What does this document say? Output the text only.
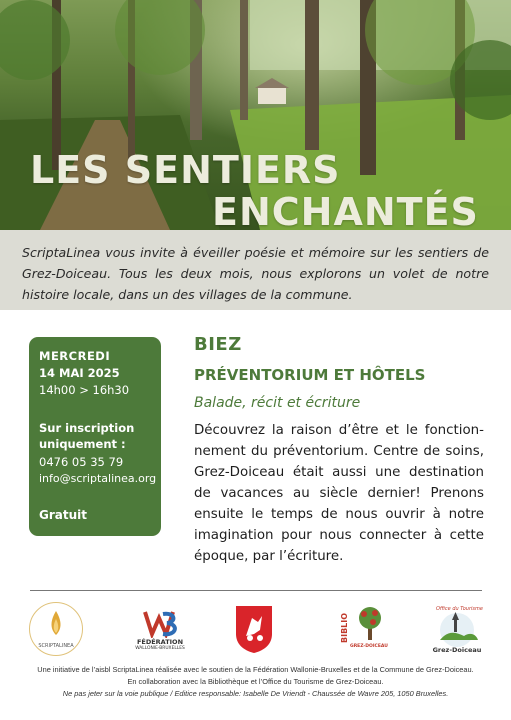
LES SENTIERS
ENCHANTÉS

ScriptaLinea vous invite à éveiller poésie et mémoire sur les sentiers de Grez-Doiceau. Tous les deux mois, nous explorons un volet de notre histoire locale, dans un des villages de la commune.

MERCREDI
14 MAI 2025
14h00 > 16h30
Sur inscription uniquement :
0476 05 35 79
info@scriptalinea.org
Gratuit
BIEZ
PRÉVENTORIUM ET HÔTELS

Balade, récit et écriture

Découvrez la raison d’être et le fonctionnement du préventorium. Centre de soins, Grez-Doiceau était aussi une destination de vacances au siècle dernier! Prenons ensuite le temps de nous ouvrir à notre imagination pour nous connecter à cette époque, par l’écriture.

SCRIPTALINEA	FÉDÉRATION
WALLONIE-BRUXELLES
BIBLIO
GREZ-DOICEAU
Office du Tourisme
Grez-Doiceau

Une initiative de l’aisbl ScriptaLinea réalisée avec le soutien de la Fédération Wallonie-Bruxelles et de la Commune de Grez-Doiceau.

En collaboration avec la Bibliothèque et l’Office du Tourisme de Grez-Doiceau.

Ne pas jeter sur la voie publique / Editice responsable: Isabelle De Vriendt - Chaussée de Wavre 205, 1050 Bruxelles.
